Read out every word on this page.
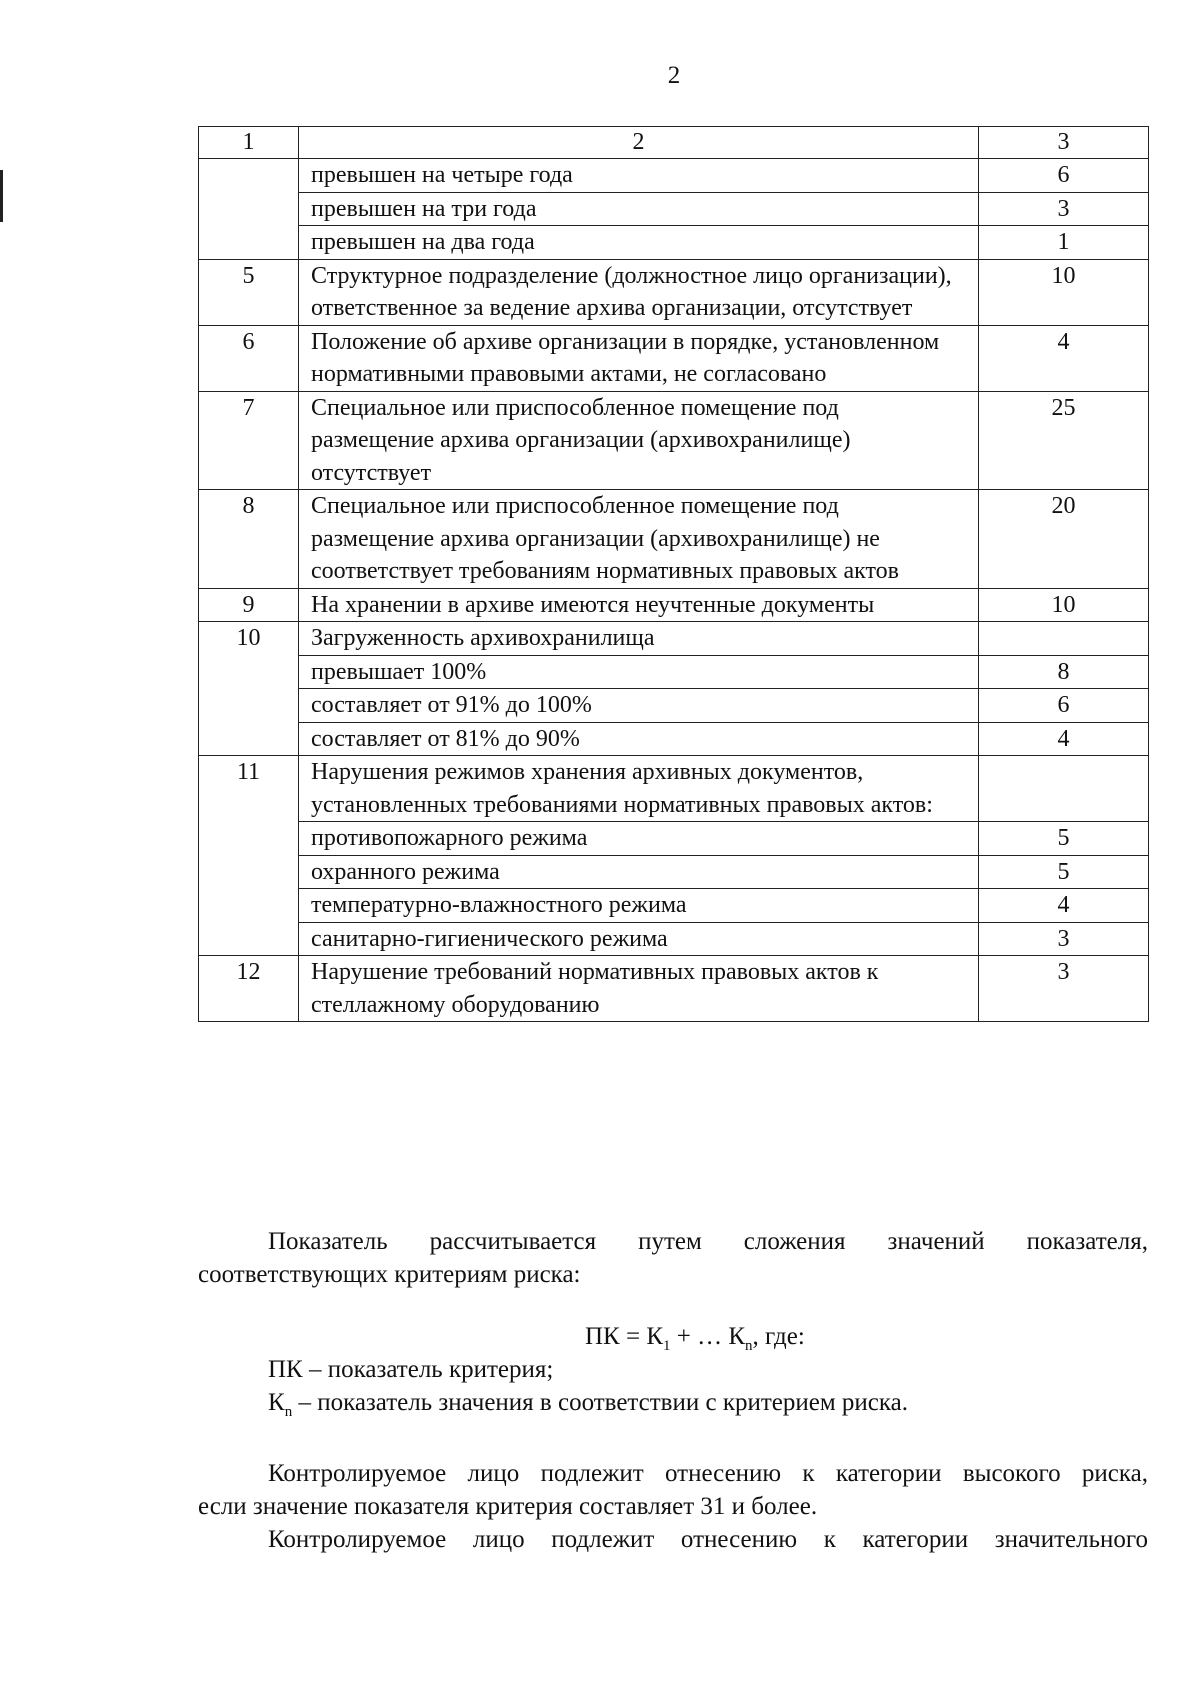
2
1	2	3
	превышен на четыре года	6
	превышен на три года	3
	превышен на два года	1
5	Структурное подразделение (должностное лицо организации), ответственное за ведение архива организации, отсутствует	10
6	Положение об архиве организации в порядке, установленном нормативными правовыми актами, не согласовано	4
7	Специальное или приспособленное помещение под размещение архива организации (архивохранилище) отсутствует	25
8	Специальное или приспособленное помещение под размещение архива организации (архивохранилище) не соответствует требованиям нормативных правовых актов	20
9	На хранении в архиве имеются неучтенные документы	10
10	Загруженность архивохранилища	
	превышает 100%	8
	составляет от 91% до 100%	6
	составляет от 81% до 90%	4
11	Нарушения режимов хранения архивных документов, установленных требованиями нормативных правовых актов:	
	противопожарного режима	5
	охранного режима	5
	температурно-влажностного режима	4
	санитарно-гигиенического режима	3
12	Нарушение требований нормативных правовых актов к стеллажному оборудованию	3

Показатель рассчитывается путем сложения значений показателя,

соответствующих критериям риска:

ПК = $К_1$ + … $К_n$, где:
ПК – показатель критерия;
$К_n$ – показатель значения в соответствии с критерием риска.

Контролируемое лицо подлежит отнесению к категории высокого риска,

если значение показателя критерия составляет 31 и более.

Контролируемое лицо подлежит отнесению к категории значительного
